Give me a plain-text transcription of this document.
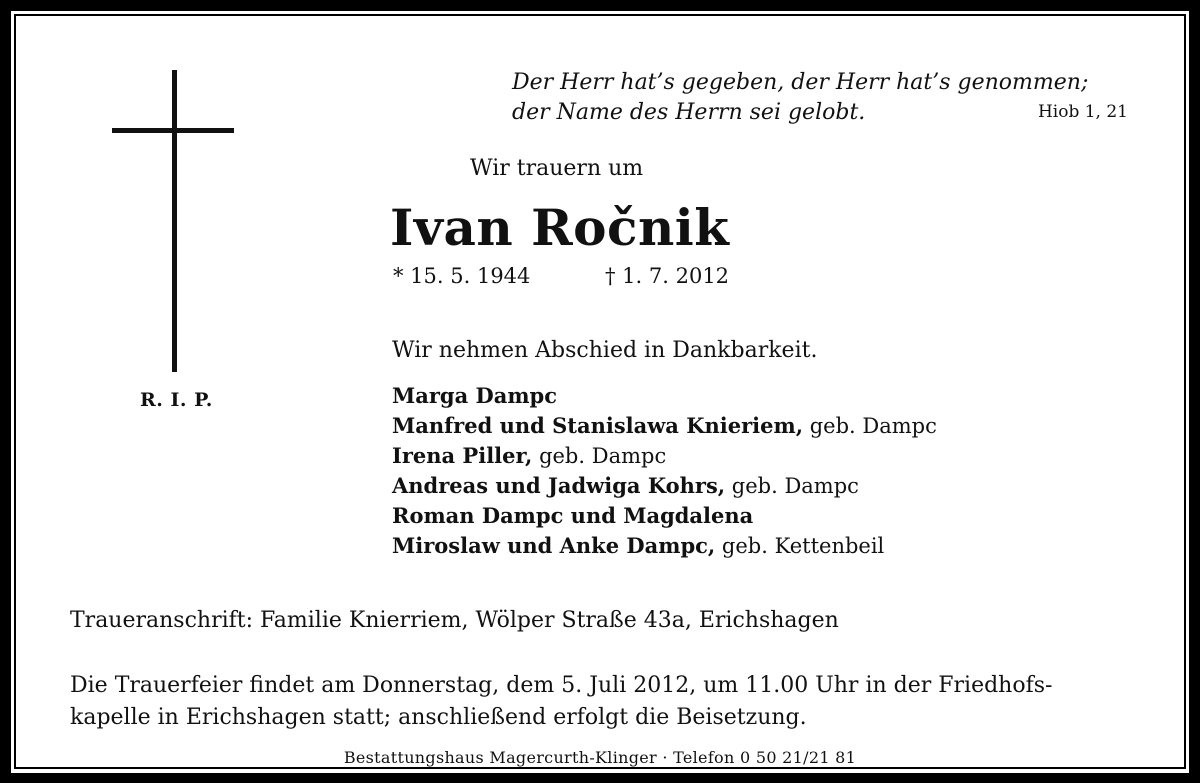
Der Herr hat’s gegeben, der Herr hat’s genommen;
der Name des Herrn sei gelobt.	Hiob 1, 21
R. I. P.
Wir trauern um
Ivan Ročnik
* 15. 5. 1944	† 1. 7. 2012
Wir nehmen Abschied in Dankbarkeit.
Marga Dampc
Manfred und Stanislawa Knieriem, geb. Dampc
Irena Piller, geb. Dampc
Andreas und Jadwiga Kohrs, geb. Dampc
Roman Dampc und Magdalena
Miroslaw und Anke Dampc, geb. Kettenbeil
Traueranschrift: Familie Knierriem, Wölper Straße 43a, Erichshagen
Die Trauerfeier findet am Donnerstag, dem 5. Juli 2012, um 11.00 Uhr in der Friedhofs-
kapelle in Erichshagen statt; anschließend erfolgt die Beisetzung.
Bestattungshaus Magercurth-Klinger · Telefon 0 50 21/21 81
